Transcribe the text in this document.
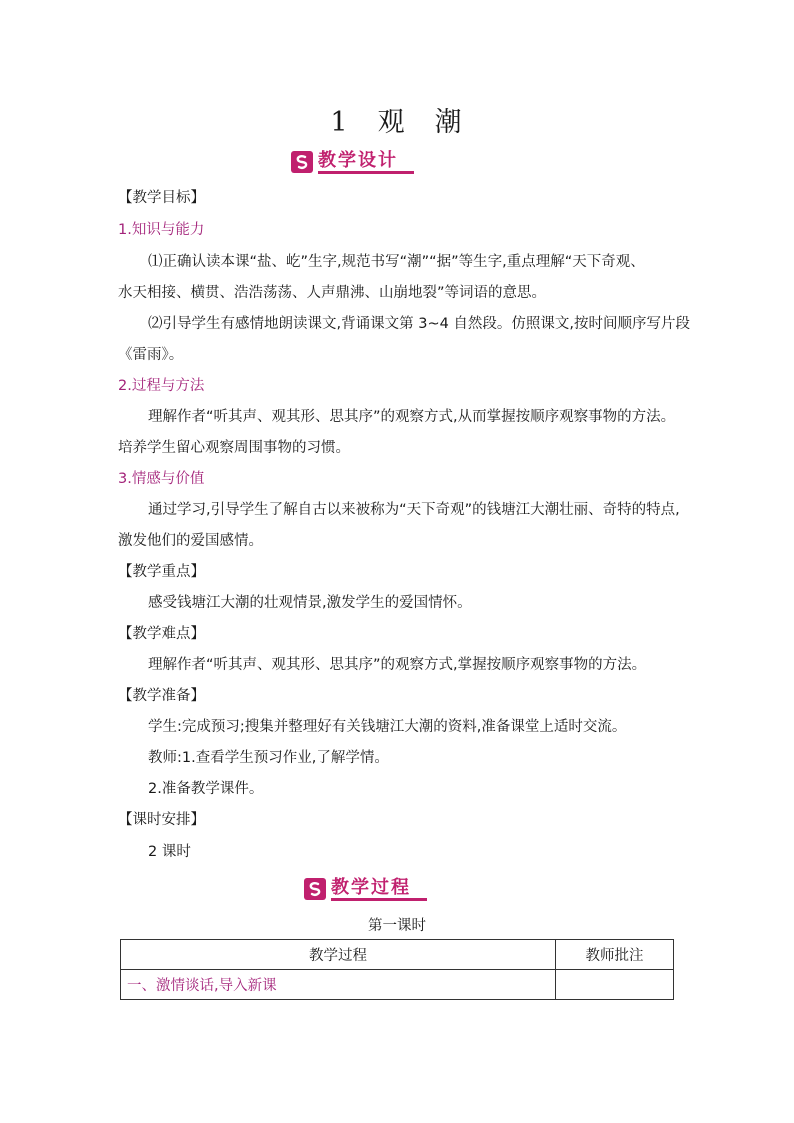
1 观 潮
教学设计
【教学目标】
1.知识与能力
⑴正确认读本课“盐、屹”生字,规范书写“潮”“据”等生字,重点理解“天下奇观、
水天相接、横贯、浩浩荡荡、人声鼎沸、山崩地裂”等词语的意思。
⑵引导学生有感情地朗读课文,背诵课文第 3~4 自然段。仿照课文,按时间顺序写片段
《雷雨》。
2.过程与方法
理解作者“听其声、观其形、思其序”的观察方式,从而掌握按顺序观察事物的方法。
培养学生留心观察周围事物的习惯。
3.情感与价值
通过学习,引导学生了解自古以来被称为“天下奇观”的钱塘江大潮壮丽、奇特的特点,
激发他们的爱国感情。
【教学重点】
感受钱塘江大潮的壮观情景,激发学生的爱国情怀。
【教学难点】
理解作者“听其声、观其形、思其序”的观察方式,掌握按顺序观察事物的方法。
【教学准备】
学生:完成预习;搜集并整理好有关钱塘江大潮的资料,准备课堂上适时交流。
教师:1.查看学生预习作业,了解学情。
2.准备教学课件。
【课时安排】
2 课时
教学过程
第一课时
教学过程	教师批注
一、激情谈话,导入新课	
